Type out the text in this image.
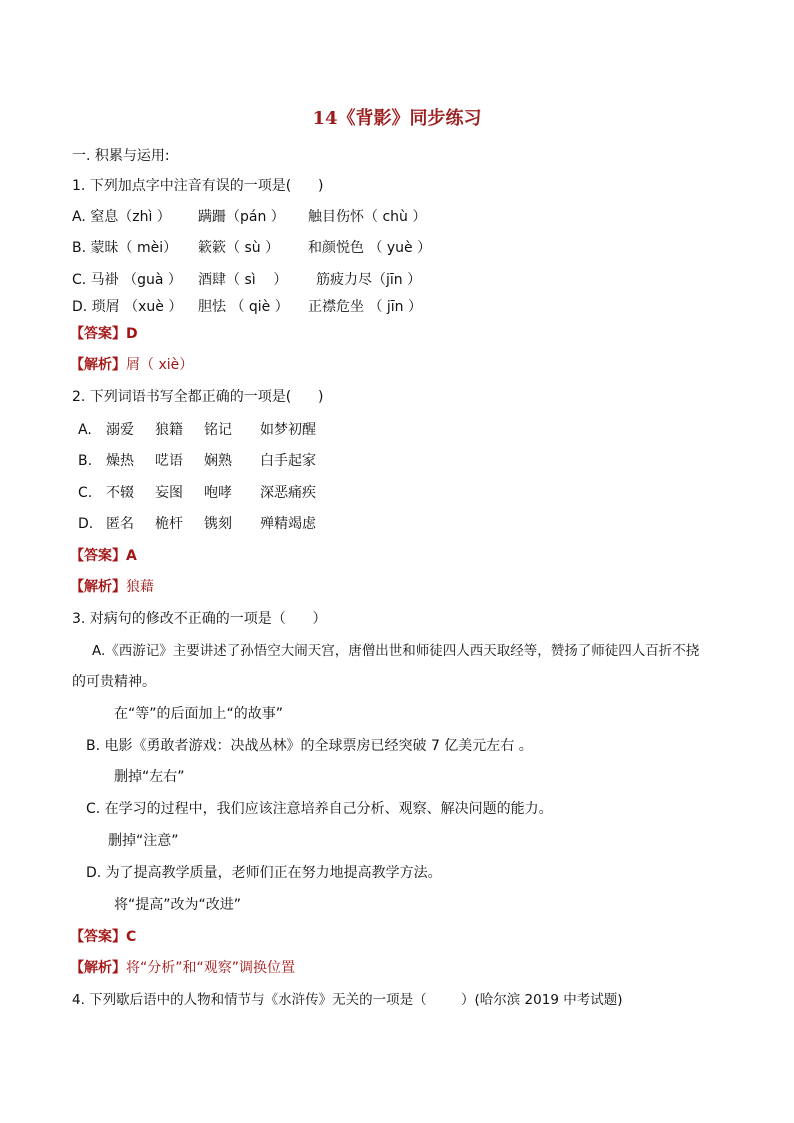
14《背影》同步练习
一. 积累与运用:
1. 下列加点字中注音有误的一项是(      )
A. 窒息（zhì ） 蹒跚（pán ） 触目伤怀（ chù ）
B. 蒙昧（ mèi） 簌簌（ sù ） 和颜悦色 （ yuè ）
C. 马褂 （guà ） 酒肆（ sì    ） 筋疲力尽（jīn ）
D. 琐屑 （xuè ） 胆怯 （ qiè ） 正襟危坐 （ jīn ）
【答案】D
【解析】屑（ xiè）
2. 下列词语书写全都正确的一项是(      )
A. 溺爱 狼籍 铭记 如梦初醒
B. 燥热 呓语 娴熟 白手起家
C. 不辍 妄图 咆哮 深恶痛疾
D. 匿名 桅杆 镌刻 殚精竭虑
【答案】A
【解析】狼藉
3. 对病句的修改不正确的一项是（      ）
A.《西游记》主要讲述了孙悟空大闹天宫，唐僧出世和师徒四人西天取经等，赞扬了师徒四人百折不挠
的可贵精神。
在“等”的后面加上“的故事”
B. 电影《勇敢者游戏：决战丛林》的全球票房已经突破 7 亿美元左右 。
删掉“左右”
C. 在学习的过程中，我们应该注意培养自己分析、观察、解决问题的能力。
删掉“注意”
D. 为了提高教学质量，老师们正在努力地提高教学方法。
将“提高”改为“改进”
【答案】C
【解析】将“分析”和“观察”调换位置
4. 下列歇后语中的人物和情节与《水浒传》无关的一项是（        ）(哈尔滨 2019 中考试题)
